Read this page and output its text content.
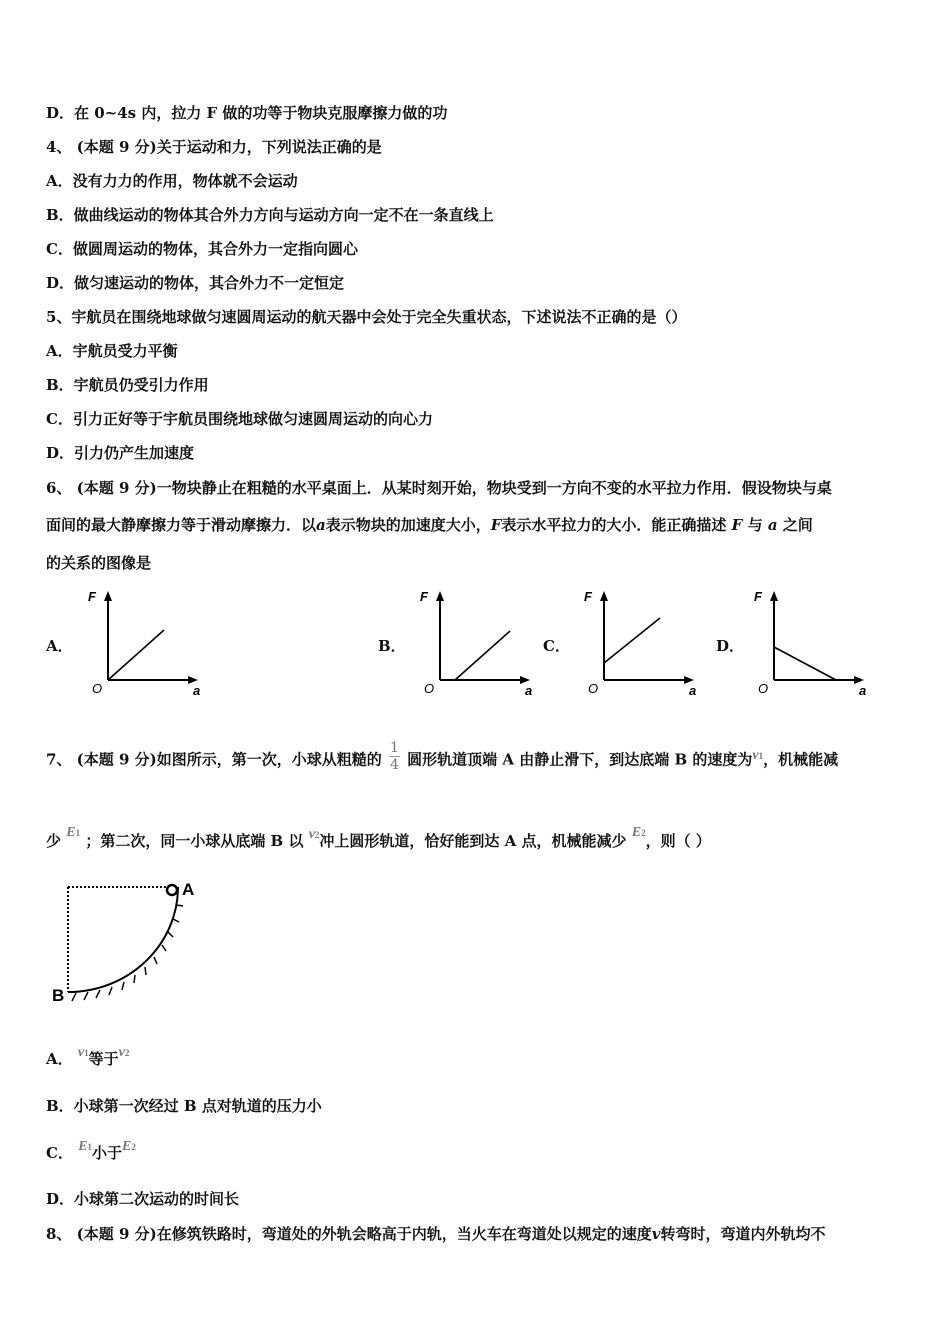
D．在 0~4s 内，拉力 F 做的功等于物块克服摩擦力做的功
4、 (本题 9 分)关于运动和力，下列说法正确的是
A．没有力力的作用，物体就不会运动
B．做曲线运动的物体其合外力方向与运动方向一定不在一条直线上
C．做圆周运动的物体，其合外力一定指向圆心
D．做匀速运动的物体，其合外力不一定恒定
5、宇航员在围绕地球做匀速圆周运动的航天器中会处于完全失重状态，下述说法不正确的是（）
A．宇航员受力平衡
B．宇航员仍受引力作用
C．引力正好等于宇航员围绕地球做匀速圆周运动的向心力
D．引力仍产生加速度
6、 (本题 9 分)一物块静止在粗糙的水平桌面上．从某时刻开始，物块受到一方向不变的水平拉力作用．假设物块与桌
面间的最大静摩擦力等于滑动摩擦力．以a表示物块的加速度大小，F表示水平拉力的大小．能正确描述 F 与 a 之间
的关系的图像是
A．	B．	C．	D．
F
O	a
F
O	a
F
O	a
F
O	a
7、 (本题 9 分)如图所示，第一次，小球从粗糙的 $\frac{1}{4}$ 圆形轨道顶端 A 由静止滑下，到达底端 B 的速度为v1，机械能减
少 E1 ；第二次，同一小球从底端 B 以 v2冲上圆形轨道，恰好能到达 A 点，机械能减少 E2，则（ ）
A
B
A． v1等于v2
B．小球第一次经过 B 点对轨道的压力小
C． E1小于E2
D．小球第二次运动的时间长
8、 (本题 9 分)在修筑铁路时，弯道处的外轨会略高于内轨，当火车在弯道处以规定的速度v转弯时，弯道内外轨均不
